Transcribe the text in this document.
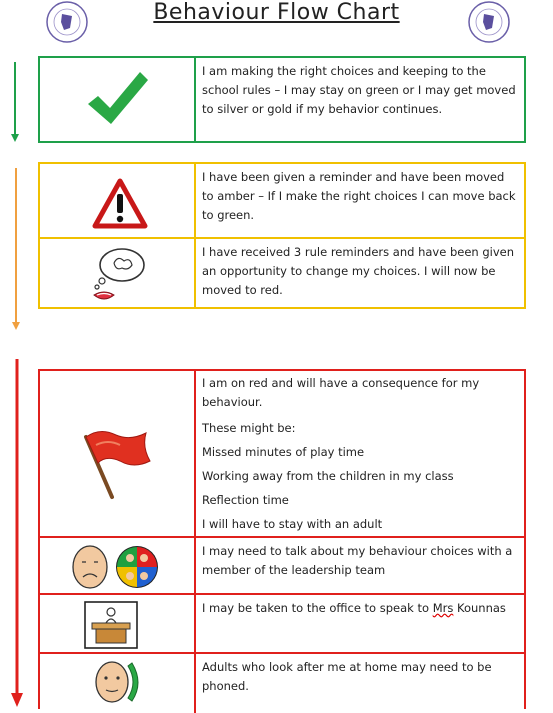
Behaviour Flow Chart
I am making the right choices and keeping to the school rules – I may stay on green or I may get moved to silver or gold if my behavior continues.
I have been given a reminder and have been moved to amber – If I make the right choices I can move back to green.
I have received 3 rule reminders and have been given an opportunity to change my choices. I will now be moved to red.

I am on red and will have a consequence for my behaviour.

These might be:

Missed minutes of play time

Working away from the children in my class

Reflection time

I will have to stay with an adult

I may need to talk about my behaviour choices with a member of the leadership team
I may be taken to the office to speak to Mrs Kounnas
Adults who look after me at home may need to be phoned.
